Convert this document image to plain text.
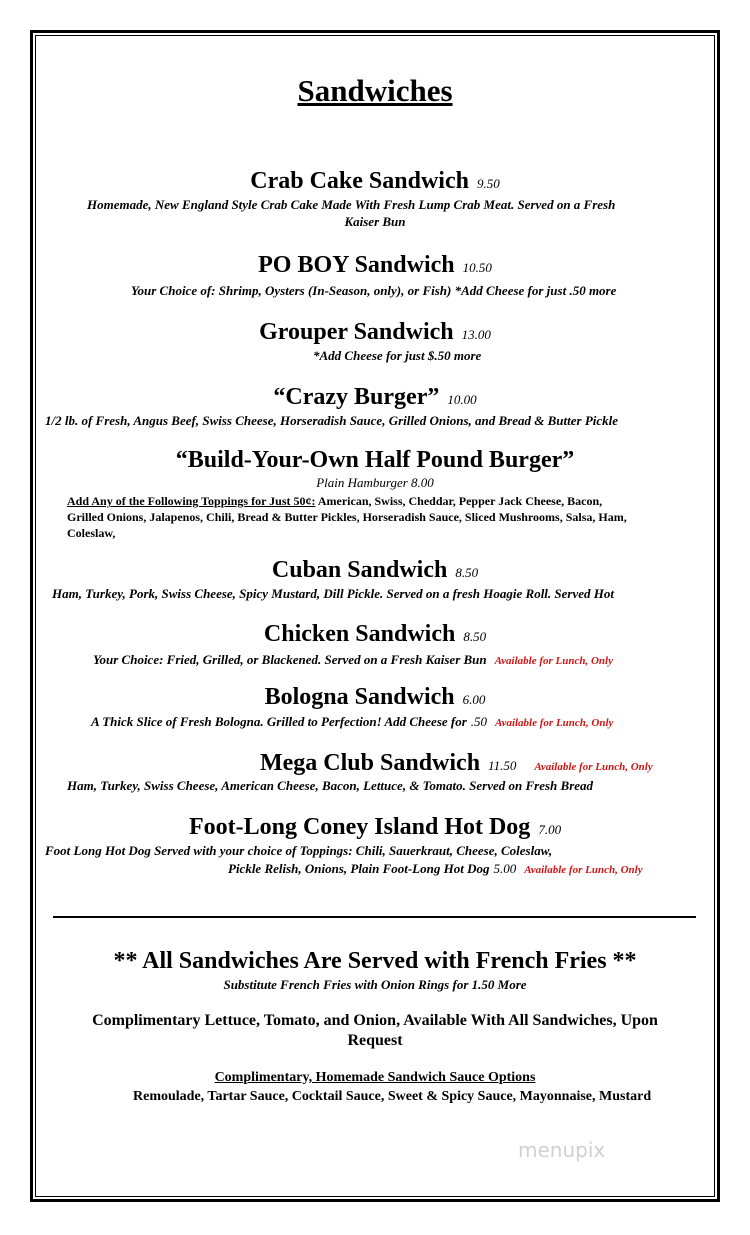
Sandwiches
Crab Cake Sandwich 9.50
Homemade, New England Style Crab Cake Made With Fresh Lump Crab Meat. Served on a Fresh
Kaiser Bun
PO BOY Sandwich 10.50
Your Choice of: Shrimp, Oysters (In-Season, only), or Fish) *Add Cheese for just .50 more
Grouper Sandwich 13.00
*Add Cheese for just $.50 more
“Crazy Burger” 10.00
1/2 lb. of Fresh, Angus Beef, Swiss Cheese, Horseradish Sauce, Grilled Onions, and Bread & Butter Pickle
“Build-Your-Own Half Pound Burger”
Plain Hamburger 8.00
Add Any of the Following Toppings for Just 50¢: American, Swiss, Cheddar, Pepper Jack Cheese, Bacon,
Grilled Onions, Jalapenos, Chili, Bread & Butter Pickles, Horseradish Sauce, Sliced Mushrooms, Salsa, Ham,
Coleslaw,
Cuban Sandwich 8.50
Ham, Turkey, Pork, Swiss Cheese, Spicy Mustard, Dill Pickle. Served on a fresh Hoagie Roll. Served Hot
Chicken Sandwich 8.50
Your Choice: Fried, Grilled, or Blackened. Served on a Fresh Kaiser Bun Available for Lunch, Only
Bologna Sandwich 6.00
A Thick Slice of Fresh Bologna. Grilled to Perfection! Add Cheese for .50 Available for Lunch, Only
Mega Club Sandwich 11.50 Available for Lunch, Only
Ham, Turkey, Swiss Cheese, American Cheese, Bacon, Lettuce, & Tomato. Served on Fresh Bread
Foot-Long Coney Island Hot Dog 7.00
Foot Long Hot Dog Served with your choice of Toppings: Chili, Sauerkraut, Cheese, Coleslaw,
Pickle Relish, Onions, Plain Foot-Long Hot Dog 5.00 Available for Lunch, Only
** All Sandwiches Are Served with French Fries **
Substitute French Fries with Onion Rings for 1.50 More
Complimentary Lettuce, Tomato, and Onion, Available With All Sandwiches, Upon
Request
Complimentary, Homemade Sandwich Sauce Options
Remoulade, Tartar Sauce, Cocktail Sauce, Sweet & Spicy Sauce, Mayonnaise, Mustard
menupix
